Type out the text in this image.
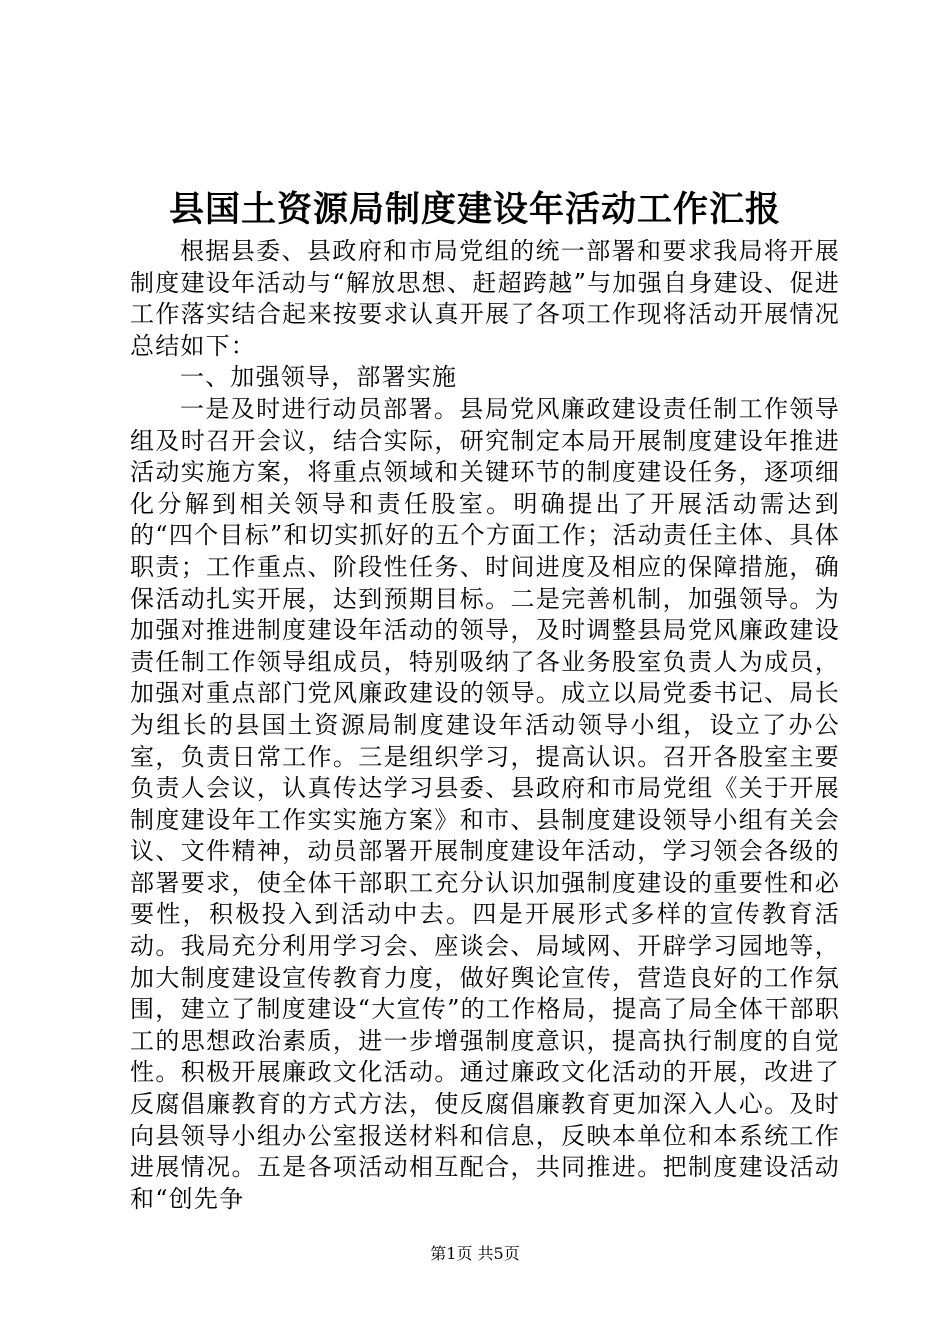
县国土资源局制度建设年活动工作汇报

根据县委、县政府和市局党组的统一部署和要求我局将开展制度建设年活动与“解放思想、赶超跨越”与加强自身建设、促进工作落实结合起来按要求认真开展了各项工作现将活动开展情况总结如下：

一、加强领导，部署实施

一是及时进行动员部署。县局党风廉政建设责任制工作领导组及时召开会议，结合实际，研究制定本局开展制度建设年推进活动实施方案，将重点领域和关键环节的制度建设任务，逐项细化分解到相关领导和责任股室。明确提出了开展活动需达到的“四个目标”和切实抓好的五个方面工作；活动责任主体、具体职责；工作重点、阶段性任务、时间进度及相应的保障措施，确保活动扎实开展，达到预期目标。二是完善机制，加强领导。为加强对推进制度建设年活动的领导，及时调整县局党风廉政建设责任制工作领导组成员，特别吸纳了各业务股室负责人为成员，加强对重点部门党风廉政建设的领导。成立以局党委书记、局长为组长的县国土资源局制度建设年活动领导小组，设立了办公室，负责日常工作。三是组织学习，提高认识。召开各股室主要负责人会议，认真传达学习县委、县政府和市局党组《关于开展制度建设年工作实实施方案》和市、县制度建设领导小组有关会议、文件精神，动员部署开展制度建设年活动，学习领会各级的部署要求，使全体干部职工充分认识加强制度建设的重要性和必要性，积极投入到活动中去。四是开展形式多样的宣传教育活动。我局充分利用学习会、座谈会、局域网、开辟学习园地等，加大制度建设宣传教育力度，做好舆论宣传，营造良好的工作氛围，建立了制度建设“大宣传”的工作格局，提高了局全体干部职工的思想政治素质，进一步增强制度意识，提高执行制度的自觉性。积极开展廉政文化活动。通过廉政文化活动的开展，改进了反腐倡廉教育的方式方法，使反腐倡廉教育更加深入人心。及时向县领导小组办公室报送材料和信息，反映本单位和本系统工作进展情况。五是各项活动相互配合，共同推进。把制度建设活动和“创先争

第1页 共5页
